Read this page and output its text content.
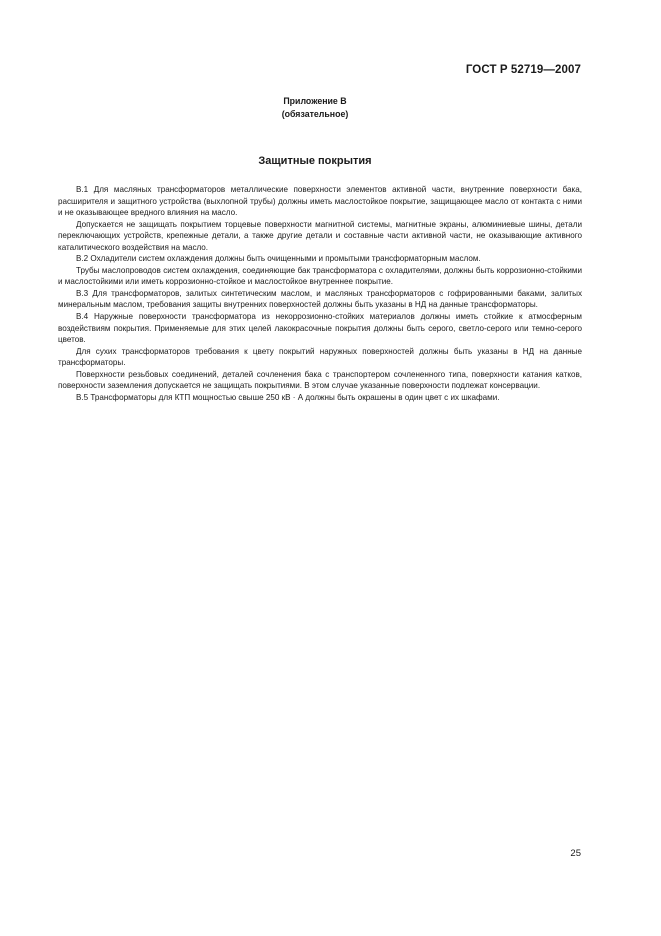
ГОСТ Р 52719—2007
Приложение В
(обязательное)
Защитные покрытия

В.1 Для масляных трансформаторов металлические поверхности элементов активной части, внутренние поверхности бака, расширителя и защитного устройства (выхлопной трубы) должны иметь маслостойкое покрытие, защищающее масло от контакта с ними и не оказывающее вредного влияния на масло.

Допускается не защищать покрытием торцевые поверхности магнитной системы, магнитные экраны, алюминиевые шины, детали переключающих устройств, крепежные детали, а также другие детали и составные части активной части, не оказывающие активного каталитического воздействия на масло.

В.2 Охладители систем охлаждения должны быть очищенными и промытыми трансформаторным маслом.

Трубы маслопроводов систем охлаждения, соединяющие бак трансформатора с охладителями, должны быть коррозионно-стойкими и маслостойкими или иметь коррозионно-стойкое и маслостойкое внутреннее покрытие.

В.3 Для трансформаторов, залитых синтетическим маслом, и масляных трансформаторов с гофрированными баками, залитых минеральным маслом, требования защиты внутренних поверхностей должны быть указаны в НД на данные трансформаторы.

В.4 Наружные поверхности трансформатора из некоррозионно-стойких материалов должны иметь стойкие к атмосферным воздействиям покрытия. Применяемые для этих целей лакокрасочные покрытия должны быть серого, светло-серого или темно-серого цветов.

Для сухих трансформаторов требования к цвету покрытий наружных поверхностей должны быть указаны в НД на данные трансформаторы.

Поверхности резьбовых соединений, деталей сочленения бака с транспортером сочлененного типа, поверхности катания катков, поверхности заземления допускается не защищать покрытиями. В этом случае указанные поверхности подлежат консервации.

В.5 Трансформаторы для КТП мощностью свыше 250 кВ · А должны быть окрашены в один цвет с их шкафами.

25
